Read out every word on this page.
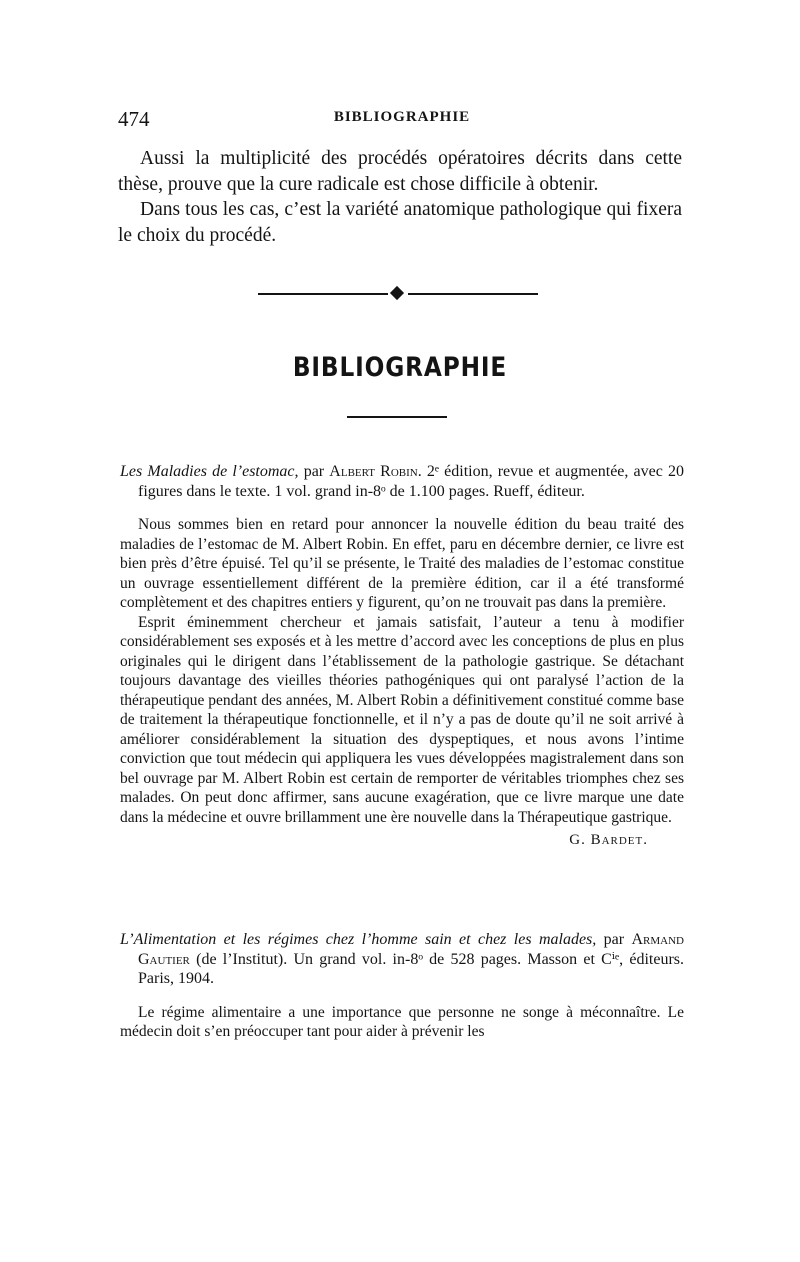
474	BIBLIOGRAPHIE

Aussi la multiplicité des procédés opératoires décrits dans cette thèse, prouve que la cure radicale est chose difficile à obtenir.

Dans tous les cas, c’est la variété anatomique pathologique qui fixera le choix du procédé.

BIBLIOGRAPHIE
Les Maladies de l’estomac, par Albert Robin. 2ᵉ édition, revue et augmentée, avec 20 figures dans le texte. 1 vol. grand in-8ᵒ de 1.100 pages. Rueff, éditeur.

Nous sommes bien en retard pour annoncer la nouvelle édition du beau traité des maladies de l’estomac de M. Albert Robin. En effet, paru en décembre dernier, ce livre est bien près d’être épuisé. Tel qu’il se présente, le Traité des maladies de l’estomac constitue un ouvrage essentiellement différent de la première édition, car il a été transformé complètement et des chapitres entiers y figurent, qu’on ne trouvait pas dans la première.

Esprit éminemment chercheur et jamais satisfait, l’auteur a tenu à modifier considérablement ses exposés et à les mettre d’accord avec les conceptions de plus en plus originales qui le dirigent dans l’établissement de la pathologie gastrique. Se détachant toujours davantage des vieilles théories pathogéniques qui ont paralysé l’action de la thérapeutique pendant des années, M. Albert Robin a définitivement constitué comme base de traitement la thérapeutique fonctionnelle, et il n’y a pas de doute qu’il ne soit arrivé à améliorer considérablement la situation des dyspeptiques, et nous avons l’intime conviction que tout médecin qui appliquera les vues développées magistralement dans son bel ouvrage par M. Albert Robin est certain de remporter de véritables triomphes chez ses malades. On peut donc affirmer, sans aucune exagération, que ce livre marque une date dans la médecine et ouvre brillamment une ère nouvelle dans la Thérapeutique gastrique.

G. Bardet.
L’Alimentation et les régimes chez l’homme sain et chez les malades, par Armand Gautier (de l’Institut). Un grand vol. in-8ᵒ de 528 pages. Masson et Cⁱᵉ, éditeurs. Paris, 1904.

Le régime alimentaire a une importance que personne ne songe à méconnaître. Le médecin doit s’en préoccuper tant pour aider à prévenir les
